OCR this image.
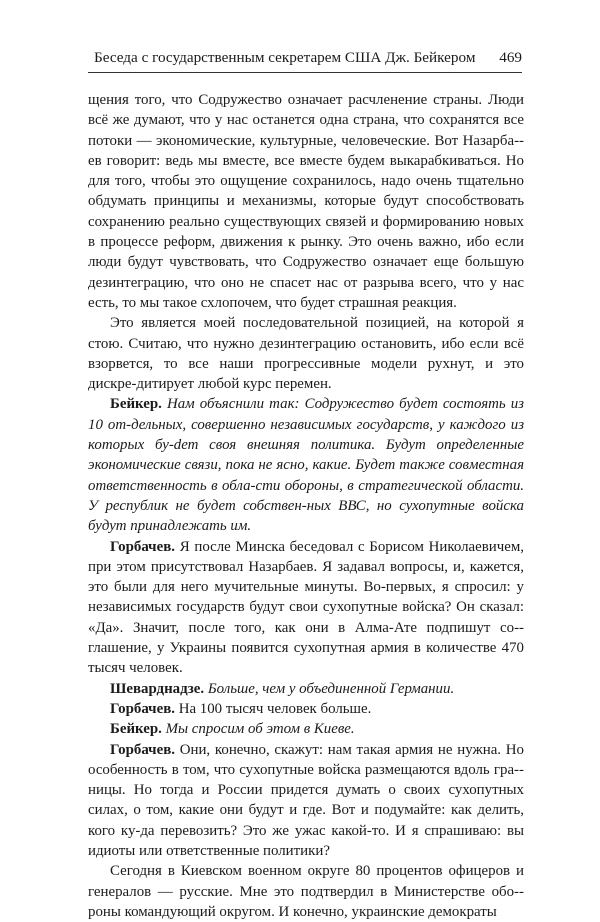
Беседа с государственным секретарем США Дж. Бейкером 469

щения того, что Содружество означает расчленение страны. Люди всё же думают, что у нас останется одна страна, что сохранятся все потоки — экономические, культурные, человеческие. Вот Назарба-ев говорит: ведь мы вместе, все вместе будем выкарабкиваться. Но для того, чтобы это ощущение сохранилось, надо очень тщательно обдумать принципы и механизмы, которые будут способствовать сохранению реально существующих связей и формированию новых в процессе реформ, движения к рынку. Это очень важно, ибо если люди будут чувствовать, что Содружество означает еще большую дезинтеграцию, что оно не спасет нас от разрыва всего, что у нас есть, то мы такое схлопочем, что будет страшная реакция.

Это является моей последовательной позицией, на которой я стою. Считаю, что нужно дезинтеграцию остановить, ибо если всё взорвется, то все наши прогрессивные модели рухнут, и это дискре-дитирует любой курс перемен.

Бейкер. Нам объяснили так: Содружество будет состоять из 10 от-дельных, совершенно независимых государств, у каждого из которых бу-dет своя внешняя политика. Будут определенные экономические связи, пока не ясно, какие. Будет также совместная ответственность в обла-сти обороны, в стратегической области. У республик не будет собствен-ных ВВС, но сухопутные войска будут принадлежать им.

Горбачев. Я после Минска беседовал с Борисом Николаевичем, при этом присутствовал Назарбаев. Я задавал вопросы, и, кажется, это были для него мучительные минуты. Во-первых, я спросил: у независимых государств будут свои сухопутные войска? Он сказал: «Да». Значит, после того, как они в Алма-Ате подпишут со-глашение, у Украины появится сухопутная армия в количестве 470 тысяч человек.

Шеварднадзе. Больше, чем у объединенной Германии.

Горбачев. На 100 тысяч человек больше.

Бейкер. Мы спросим об этом в Киеве.

Горбачев. Они, конечно, скажут: нам такая армия не нужна. Но особенность в том, что сухопутные войска размещаются вдоль гра-ницы. Но тогда и России придется думать о своих сухопутных силах, о том, какие они будут и где. Вот и подумайте: как делить, кого ку-да перевозить? Это же ужас какой-то. И я спрашиваю: вы идиоты или ответственные политики?

Сегодня в Киевском военном округе 80 процентов офицеров и генералов — русские. Мне это подтвердил в Министерстве обо-роны командующий округом. И конечно, украинские демократы
